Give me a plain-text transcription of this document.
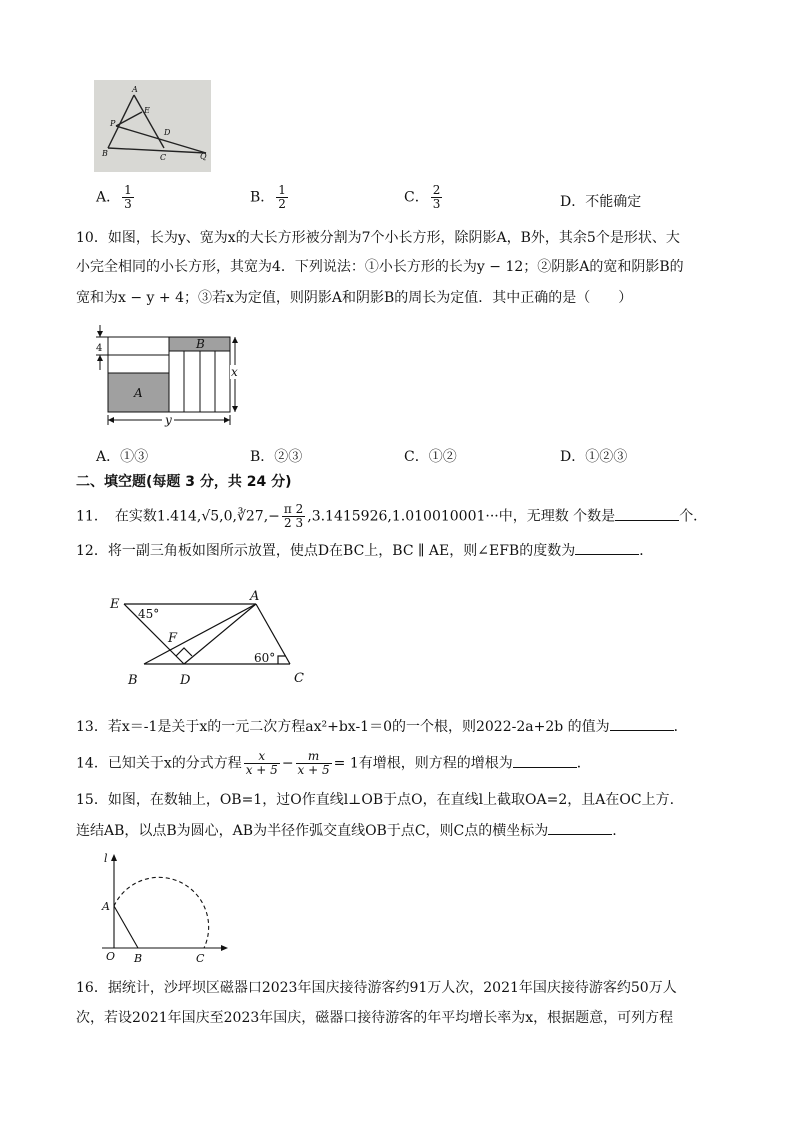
A
E
P
D
B	C	Q
A． $\frac{1}{3}$	B． $\frac{1}{2}$	C． $\frac{2}{3}$	D．不能确定
10．如图，长为y、宽为x的大长方形被分割为7个小长方形，除阴影A，B外，其余5个是形状、大
小完全相同的小长方形，其宽为4．下列说法：①小长方形的长为y − 12；②阴影A的宽和阴影B的
宽和为x − y + 4；③若x为定值，则阴影A和阴影B的周长为定值．其中正确的是（　　）
4	B
A
x
y
A．①③	B．②③	C．①②	D．①②③
二、填空题(每题 3 分，共 24 分)
11．　在实数1.414,√5,0,∛27,− $\frac{\pi 2}{2 3} ,3.1415926,1.010010001\cdot\cdot\cdot$中，无理数 个数是	个．
12．将一副三角板如图所示放置，使点D在BC上，BC ∥ AE，则∠EFB的度数为	．
E
A
F
B	D	C
45°
60°
13．若x＝-1是关于x的一元二次方程ax²+bx-1＝0的一个根，则2022-2a+2b 的值为	．
14．已知关于x的分式方程 $\frac{x}{x + 5} - \frac{m}{x + 5} = 1$有增根，则方程的增根为	．
15．如图，在数轴上，OB=1，过O作直线l⊥OB于点O，在直线l上截取OA=2，且A在OC上方.
连结AB，以点B为圆心，AB为半径作弧交直线OB于点C，则C点的横坐标为	.
l
A
O B	C
16．据统计，沙坪坝区磁器口2023年国庆接待游客约91万人次，2021年国庆接待游客约50万人
次，若设2021年国庆至2023年国庆，磁器口接待游客的年平均增长率为x，根据题意，可列方程
